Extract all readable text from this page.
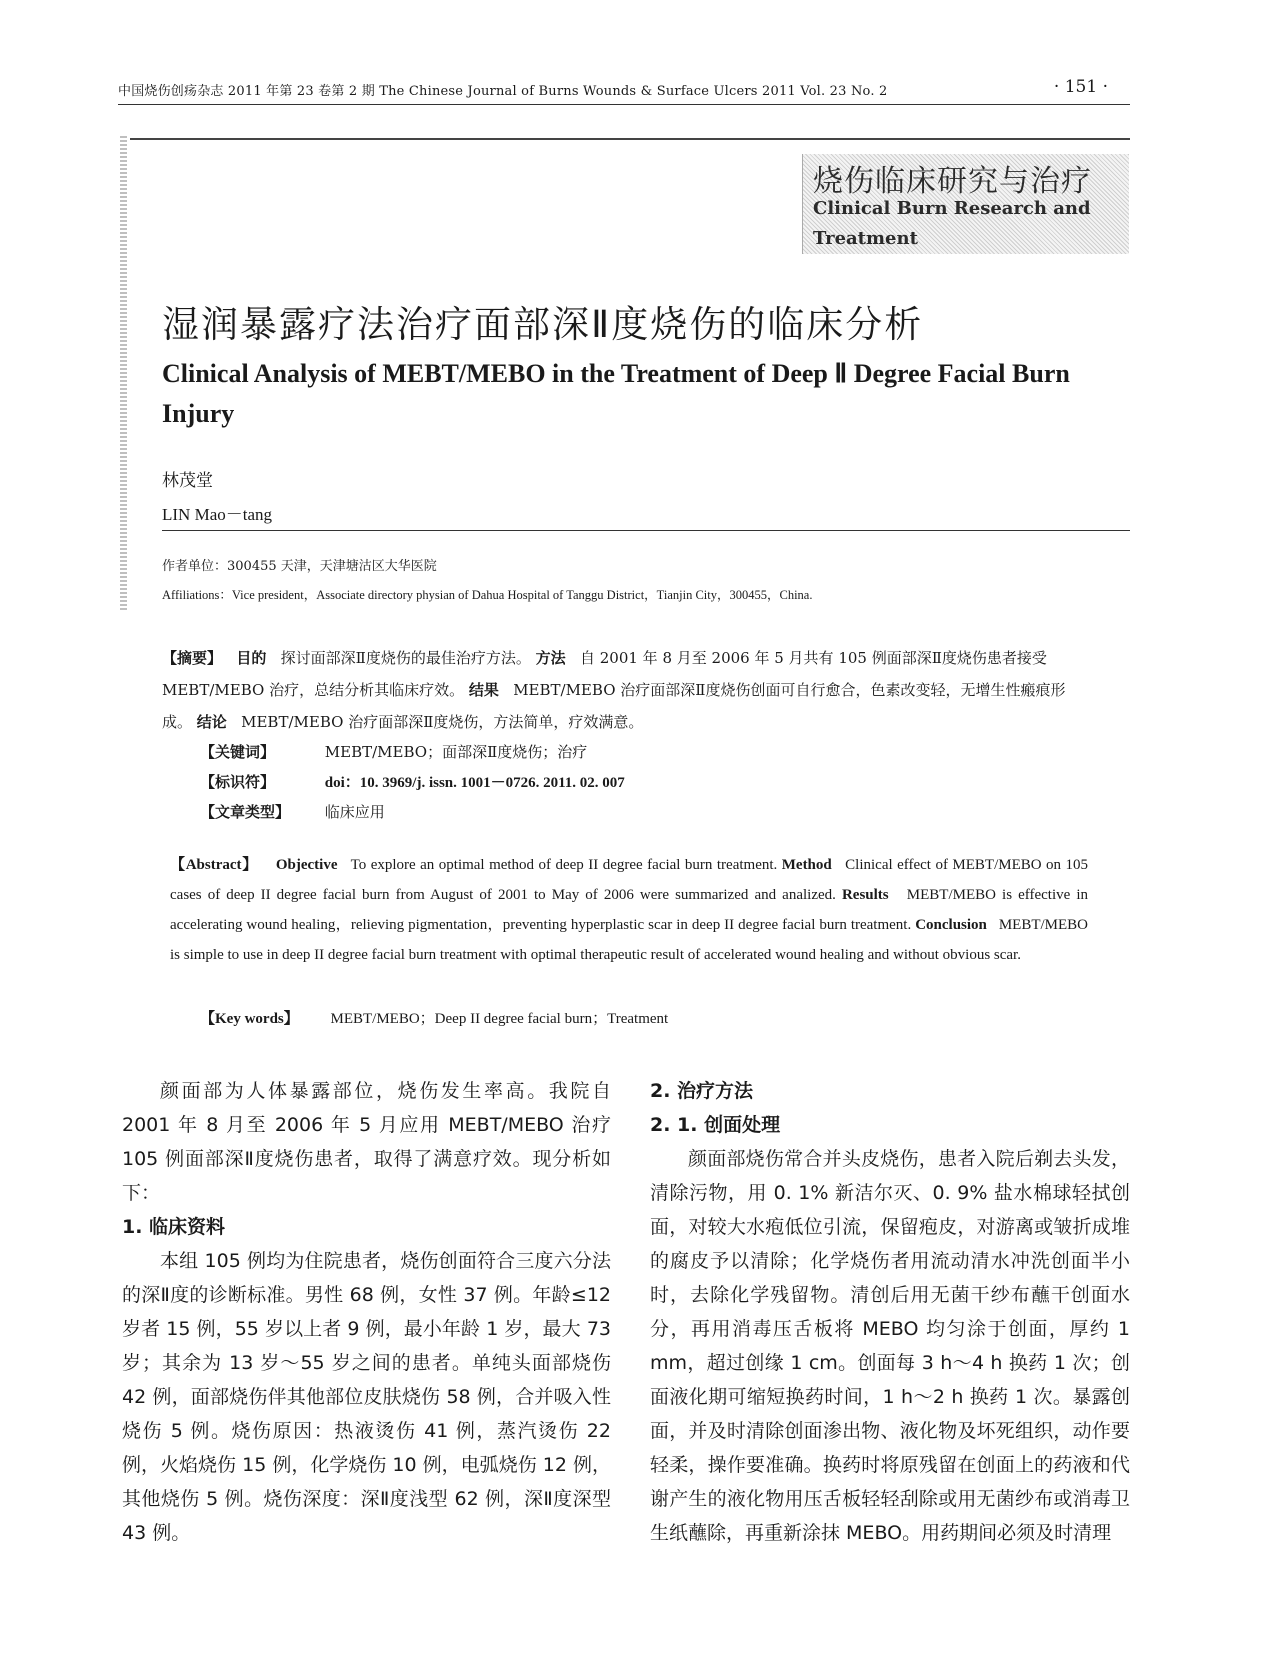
中国烧伤创疡杂志 2011 年第 23 卷第 2 期 The Chinese Journal of Burns Wounds & Surface Ulcers 2011 Vol. 23 No. 2	· 151 ·
烧伤临床研究与治疗
Clinical Burn Research and Treatment
湿润暴露疗法治疗面部深Ⅱ度烧伤的临床分析
Clinical Analysis of MEBT/MEBO in the Treatment of Deep Ⅱ Degree Facial Burn Injury
林茂堂
LIN Mao－tang
作者单位：300455 天津，天津塘沽区大华医院
Affiliations：Vice president，Associate directory physian of Dahua Hospital of Tanggu District，Tianjin City，300455，China.
【摘要】 目的 探讨面部深Ⅱ度烧伤的最佳治疗方法。 方法 自 2001 年 8 月至 2006 年 5 月共有 105 例面部深Ⅱ度烧伤患者接受 MEBT/MEBO 治疗，总结分析其临床疗效。 结果 MEBT/MEBO 治疗面部深Ⅱ度烧伤创面可自行愈合，色素改变轻，无增生性瘢痕形成。 结论 MEBT/MEBO 治疗面部深Ⅱ度烧伤，方法简单，疗效满意。
【关键词】	MEBT/MEBO；面部深Ⅱ度烧伤；治疗
【标识符】	doi：10. 3969/j. issn. 1001－0726. 2011. 02. 007
【文章类型】 临床应用
【Abstract】 Objective To explore an optimal method of deep II degree facial burn treatment. Method Clinical effect of MEBT/MEBO on 105 cases of deep II degree facial burn from August of 2001 to May of 2006 were summarized and analized. Results MEBT/MEBO is effective in accelerating wound healing，relieving pigmentation，preventing hyperplastic scar in deep II degree facial burn treatment. Conclusion MEBT/MEBO is simple to use in deep II degree facial burn treatment with optimal therapeutic result of accelerated wound healing and without obvious scar.
【Key words】 MEBT/MEBO；Deep II degree facial burn；Treatment

颜面部为人体暴露部位，烧伤发生率高。我院自 2001 年 8 月至 2006 年 5 月应用 MEBT/MEBO 治疗 105 例面部深Ⅱ度烧伤患者，取得了满意疗效。现分析如下：

1. 临床资料

本组 105 例均为住院患者，烧伤创面符合三度六分法的深Ⅱ度的诊断标准。男性 68 例，女性 37 例。年龄≤12 岁者 15 例，55 岁以上者 9 例，最小年龄 1 岁，最大 73 岁；其余为 13 岁～55 岁之间的患者。单纯头面部烧伤 42 例，面部烧伤伴其他部位皮肤烧伤 58 例，合并吸入性烧伤 5 例。烧伤原因：热液烫伤 41 例，蒸汽烫伤 22 例，火焰烧伤 15 例，化学烧伤 10 例，电弧烧伤 12 例，其他烧伤 5 例。烧伤深度：深Ⅱ度浅型 62 例，深Ⅱ度深型 43 例。

2. 治疗方法

2. 1. 创面处理

颜面部烧伤常合并头皮烧伤，患者入院后剃去头发，清除污物，用 0. 1% 新洁尔灭、0. 9% 盐水棉球轻拭创面，对较大水疱低位引流，保留疱皮，对游离或皱折成堆的腐皮予以清除；化学烧伤者用流动清水冲洗创面半小时，去除化学残留物。清创后用无菌干纱布蘸干创面水分，再用消毒压舌板将 MEBO 均匀涂于创面，厚约 1 mm，超过创缘 1 cm。创面每 3 h～4 h 换药 1 次；创面液化期可缩短换药时间，1 h～2 h 换药 1 次。暴露创面，并及时清除创面渗出物、液化物及坏死组织，动作要轻柔，操作要准确。换药时将原残留在创面上的药液和代谢产生的液化物用压舌板轻轻刮除或用无菌纱布或消毒卫生纸蘸除，再重新涂抹 MEBO。用药期间必须及时清理
